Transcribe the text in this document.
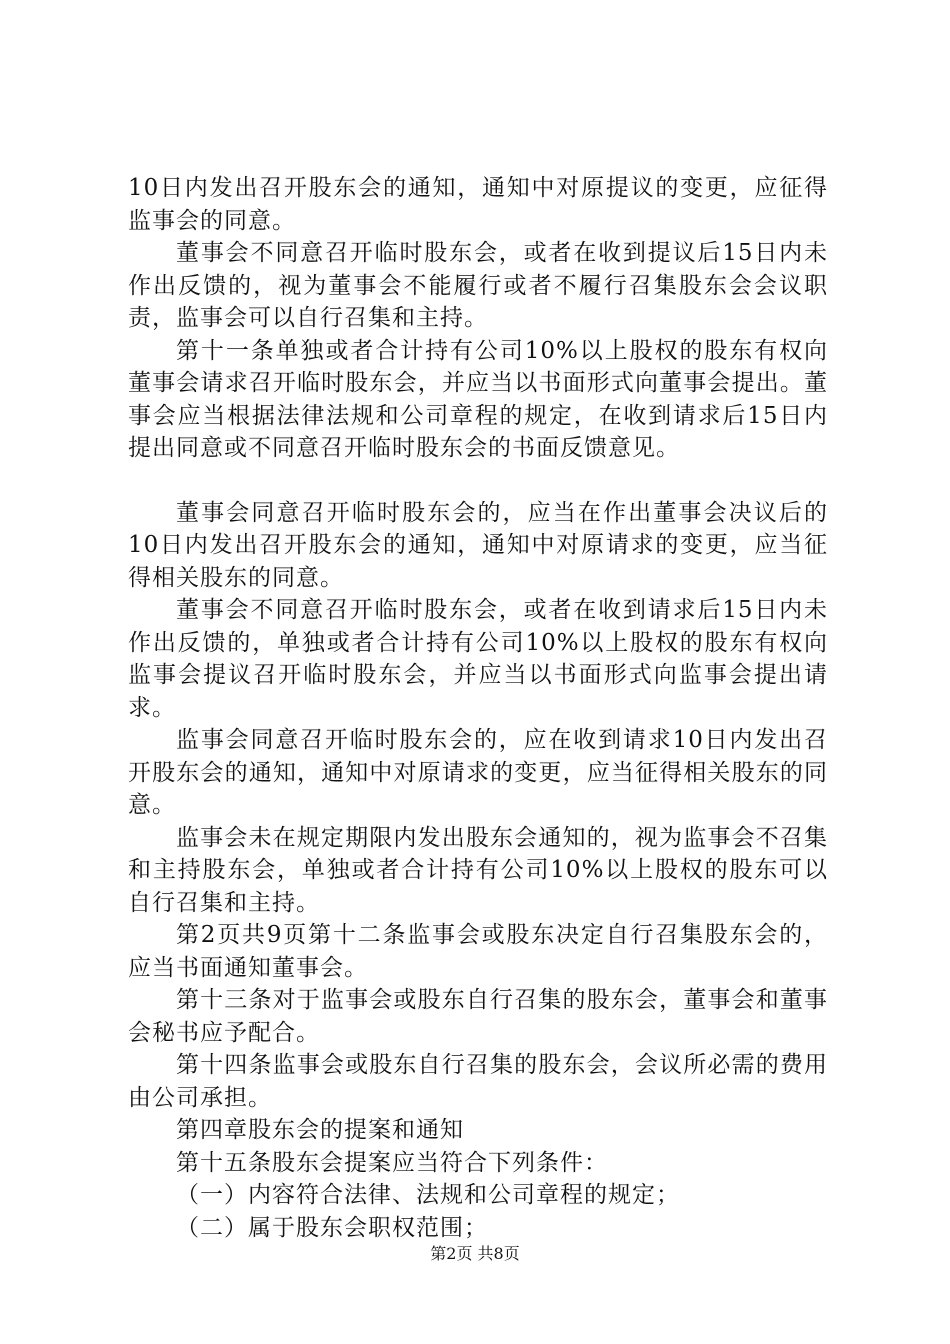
10日内发出召开股东会的通知，通知中对原提议的变更，应征得监事会的同意。

董事会不同意召开临时股东会，或者在收到提议后15日内未作出反馈的，视为董事会不能履行或者不履行召集股东会会议职责，监事会可以自行召集和主持。

第十一条单独或者合计持有公司10%以上股权的股东有权向董事会请求召开临时股东会，并应当以书面形式向董事会提出。董事会应当根据法律法规和公司章程的规定，在收到请求后15日内提出同意或不同意召开临时股东会的书面反馈意见。

董事会同意召开临时股东会的，应当在作出董事会决议后的10日内发出召开股东会的通知，通知中对原请求的变更，应当征得相关股东的同意。

董事会不同意召开临时股东会，或者在收到请求后15日内未作出反馈的，单独或者合计持有公司10%以上股权的股东有权向监事会提议召开临时股东会，并应当以书面形式向监事会提出请求。

监事会同意召开临时股东会的，应在收到请求10日内发出召开股东会的通知，通知中对原请求的变更，应当征得相关股东的同意。

监事会未在规定期限内发出股东会通知的，视为监事会不召集和主持股东会，单独或者合计持有公司10%以上股权的股东可以自行召集和主持。

第2页共9页第十二条监事会或股东决定自行召集股东会的，应当书面通知董事会。

第十三条对于监事会或股东自行召集的股东会，董事会和董事会秘书应予配合。

第十四条监事会或股东自行召集的股东会，会议所必需的费用由公司承担。

第四章股东会的提案和通知

第十五条股东会提案应当符合下列条件：

（一）内容符合法律、法规和公司章程的规定；

（二）属于股东会职权范围；

第2页 共8页
